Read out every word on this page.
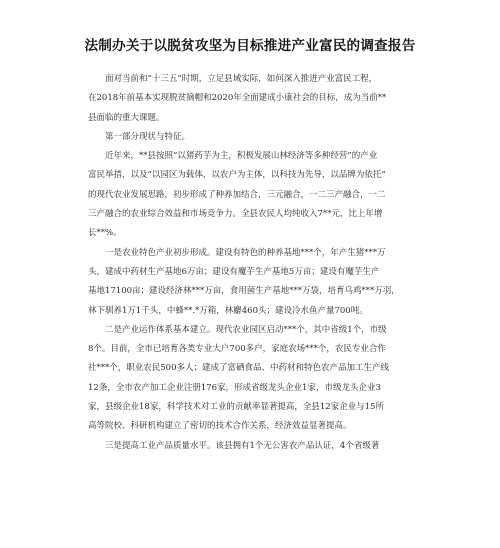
法制办关于以脱贫攻坚为目标推进产业富民的调查报告
面对当前和“十三五”时期，立足县域实际，如何深入推进产业富民工程，
在2018年前基本实现脱贫摘帽和2020年全面建成小康社会的目标，成为当前**
县面临的重大课题。
第一部分现状与特征。
近年来，**县按照“以猪药芋为主，积极发展山林经济等多种经营”的产业
富民举措，以及“以园区为载体，以农户为主体，以科技为先导，以品牌为依托”
的现代农业发展思路，初步形成了种养加结合，三元融合，一二三产融合，一二
三产融合的农业综合效益和市场竞争力。全县农民人均纯收入7**元，比上年增
长**%。
一是农业特色产业初步形成。建设有特色的种养基地***个，年产生猪***万
头，建成中药材生产基地6万亩；建设有魔芋生产基地5万亩；建设有魔芋生产
基地17100亩；建设经济林***万亩，食用菌生产基地***万袋，培育乌鸡***万羽，
林下驯养1万1千头，中蜂**.*万箱，林麝460头；建设冷水鱼产量700吨。
二是产业运作体系基本建立。现代农业园区启动***个，其中省级1个，市级
8个。目前，全市已培育各类专业大户700多户，家庭农场***个，农民专业合作
社***个，职业农民500多人；建成了富硒食品、中药材和特色农产品加工生产线
12条，全市农产加工企业注册176家，形成省级龙头企业1家，市级龙头企业3
家，县级企业18家，科学技术对工业的贡献率显著提高，全县12家企业与15所
高等院校、科研机构建立了密切的技术合作关系，经济效益显著提高。
三是提高工业产品质量水平。该县拥有1个无公害农产品认证，4个省级著
